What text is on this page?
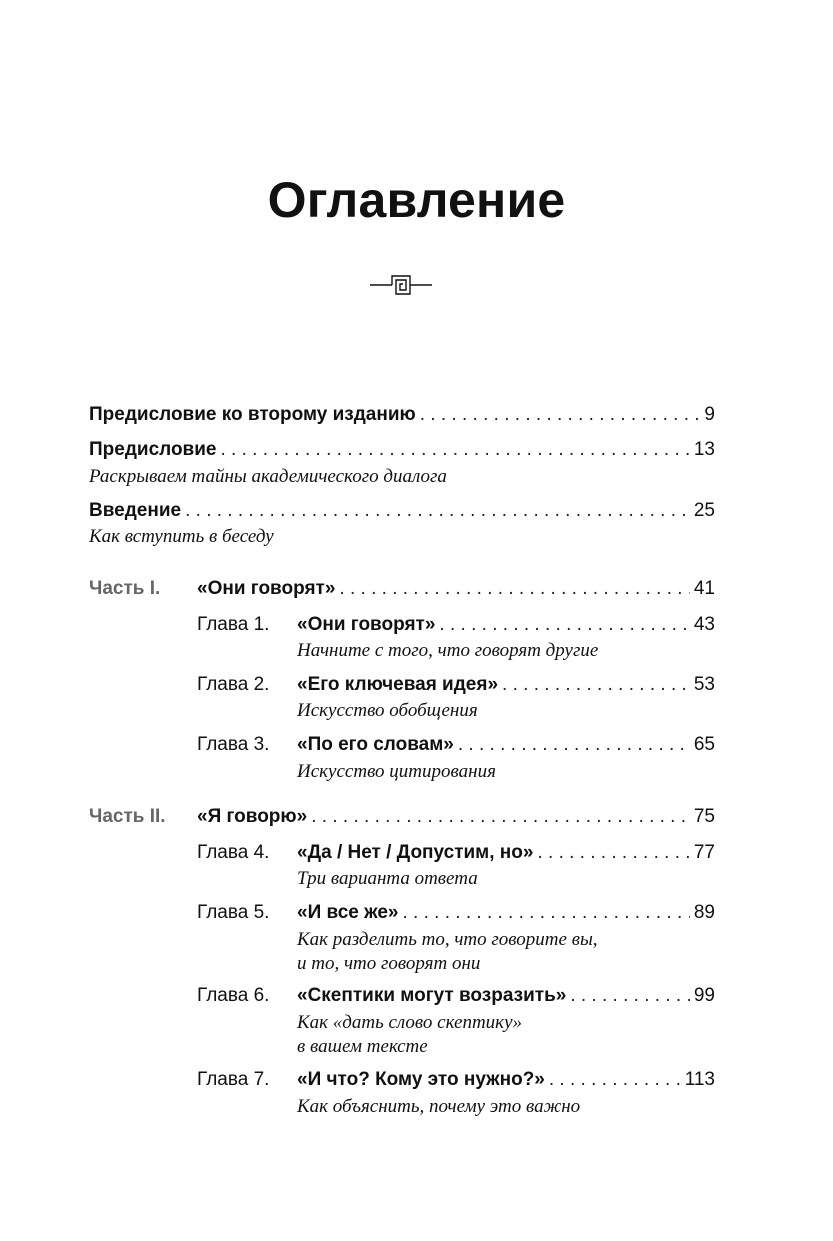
Оглавление
Предисловие ко второму изданию . . .	9
Предисловие . . .	13
Раскрываем тайны академического диалога
Введение . . .	25
Как вступить в беседу
Часть I. «Они говорят» . . .	41
Глава 1. «Они говорят» . . .	43
Начните с того, что говорят другие
Глава 2. «Его ключевая идея» . . .	53
Искусство обобщения
Глава 3. «По его словам» . . .	65
Искусство цитирования
Часть II. «Я говорю» . . .	75
Глава 4. «Да / Нет / Допустим, но» . . .	77
Три варианта ответа
Глава 5. «И все же» . . .	89
Как разделить то, что говорите вы,
и то, что говорят они
Глава 6. «Скептики могут возразить» . . .	99
Как «дать слово скептику»
в вашем тексте
Глава 7. «И что? Кому это нужно?» . . .	113
Как объяснить, почему это важно
